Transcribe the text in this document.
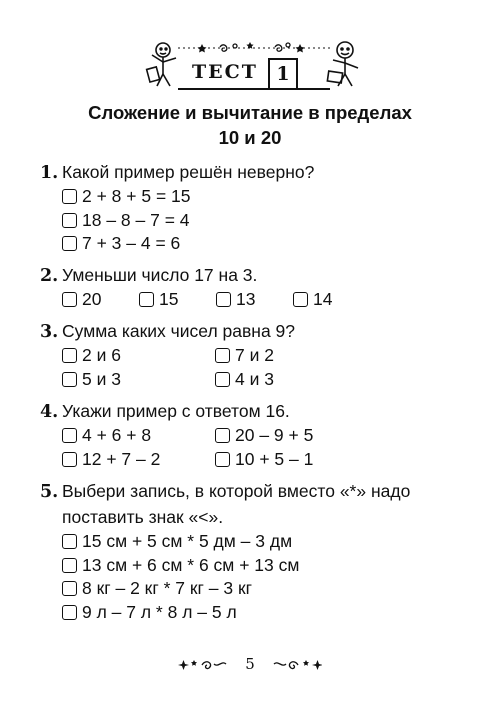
ТЕСТ 1
Сложение и вычитание в пределах
10 и 20
1. Какой пример решён неверно?
2 + 8 + 5 = 15
18 – 8 – 7 = 4
7 + 3 – 4 = 6
2. Уменьши число 17 на 3.
20	15	13	14
3. Сумма каких чисел равна 9?
2 и 6	7 и 2
5 и 3	4 и 3
4. Укажи пример с ответом 16.
4 + 6 + 8	20 – 9 + 5
12 + 7 – 2	10 + 5 – 1
5. Выбери запись, в которой вместо «*» надо
поставить знак «<».
15 см + 5 см * 5 дм – 3 дм
13 см + 6 см * 6 см + 13 см
8 кг – 2 кг * 7 кг – 3 кг
9 л – 7 л * 8 л – 5 л
5
